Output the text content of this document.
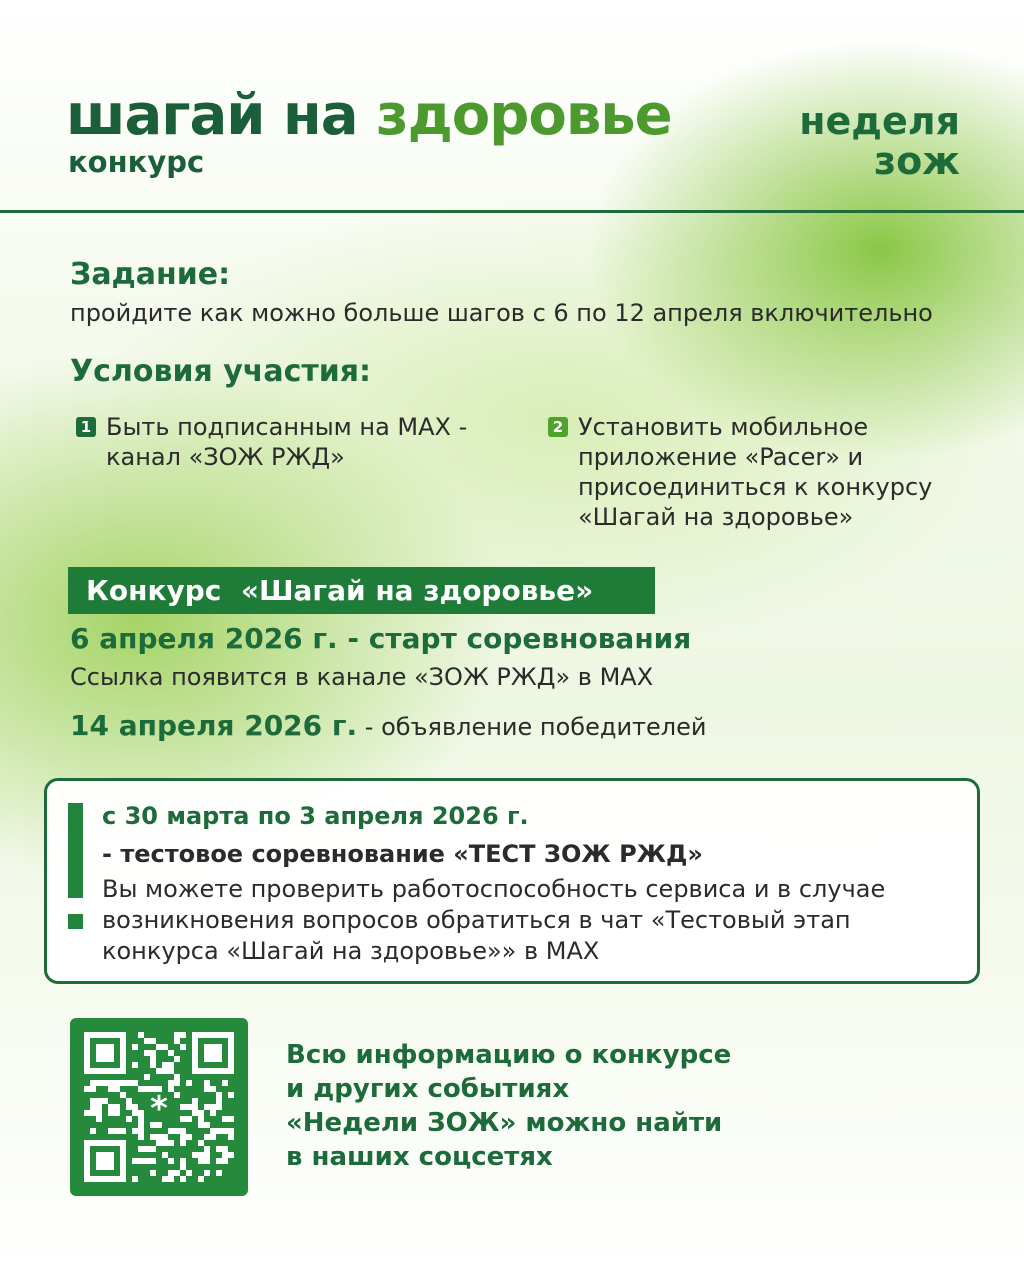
шагай на здоровье
конкурс
неделя
зож
Задание:
пройдите как можно больше шагов с 6 по 12 апреля включительно
Условия участия:
1 Быть подписанным на MAX - канал «ЗОЖ РЖД»
2 Установить мобильное приложение «Pacer» и присоединиться к конкурсу «Шагай на здоровье»
Конкурс  «Шагай на здоровье»
6 апреля 2026 г. - старт соревнования
Ссылка появится в канале «ЗОЖ РЖД» в MAX
14 апреля 2026 г. - объявление победителей
с 30 марта по 3 апреля 2026 г.
- тестовое соревнование «ТЕСТ ЗОЖ РЖД»
Вы можете проверить работоспособность сервиса и в случае возникновения вопросов обратиться в чат «Тестовый этап конкурса «Шагай на здоровье»» в MAX
*
Всю информацию о конкурсе
и других событиях
«Недели ЗОЖ» можно найти
в наших соцсетях
